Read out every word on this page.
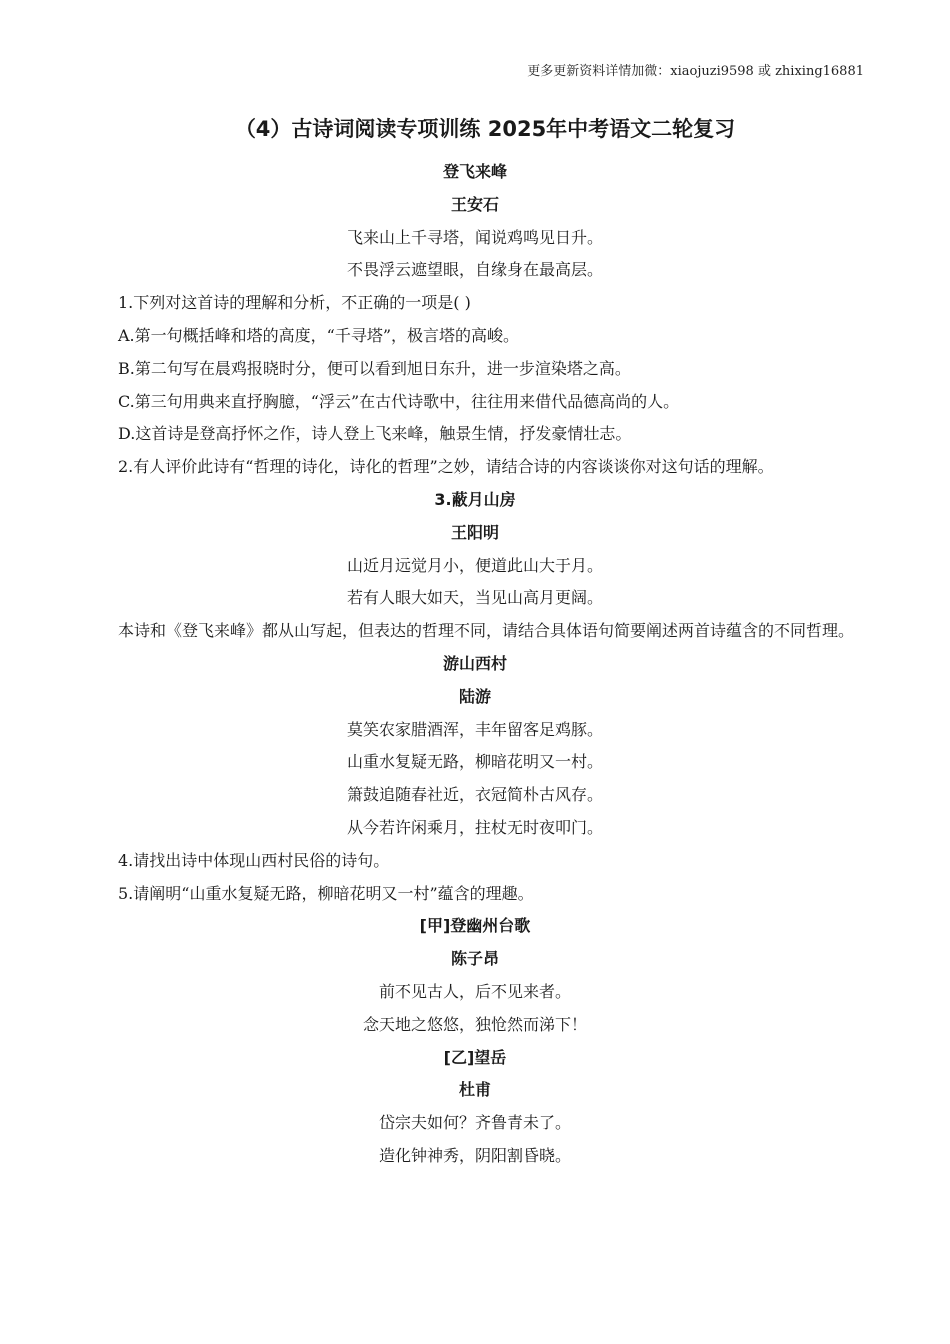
更多更新资料详情加微：xiaojuzi9598 或 zhixing16881
（4）古诗词阅读专项训练 2025年中考语文二轮复习
登飞来峰
王安石
飞来山上千寻塔，闻说鸡鸣见日升。
不畏浮云遮望眼，自缘身在最高层。
1.下列对这首诗的理解和分析，不正确的一项是( )
A.第一句概括峰和塔的高度，“千寻塔”，极言塔的高峻。
B.第二句写在晨鸡报晓时分，便可以看到旭日东升，进一步渲染塔之高。
C.第三句用典来直抒胸臆，“浮云”在古代诗歌中，往往用来借代品德高尚的人。
D.这首诗是登高抒怀之作，诗人登上飞来峰，触景生情，抒发豪情壮志。
2.有人评价此诗有“哲理的诗化，诗化的哲理”之妙，请结合诗的内容谈谈你对这句话的理解。
3.蔽月山房
王阳明
山近月远觉月小，便道此山大于月。
若有人眼大如天，当见山高月更阔。
本诗和《登飞来峰》都从山写起，但表达的哲理不同，请结合具体语句简要阐述两首诗蕴含的不同哲理。
游山西村
陆游
莫笑农家腊酒浑，丰年留客足鸡豚。
山重水复疑无路，柳暗花明又一村。
箫鼓追随春社近，衣冠简朴古风存。
从今若许闲乘月，拄杖无时夜叩门。
4.请找出诗中体现山西村民俗的诗句。
5.请阐明“山重水复疑无路，柳暗花明又一村”蕴含的理趣。
[甲]登幽州台歌
陈子昂
前不见古人，后不见来者。
念天地之悠悠，独怆然而涕下！
[乙]望岳
杜甫
岱宗夫如何？齐鲁青未了。
造化钟神秀，阴阳割昏晓。
